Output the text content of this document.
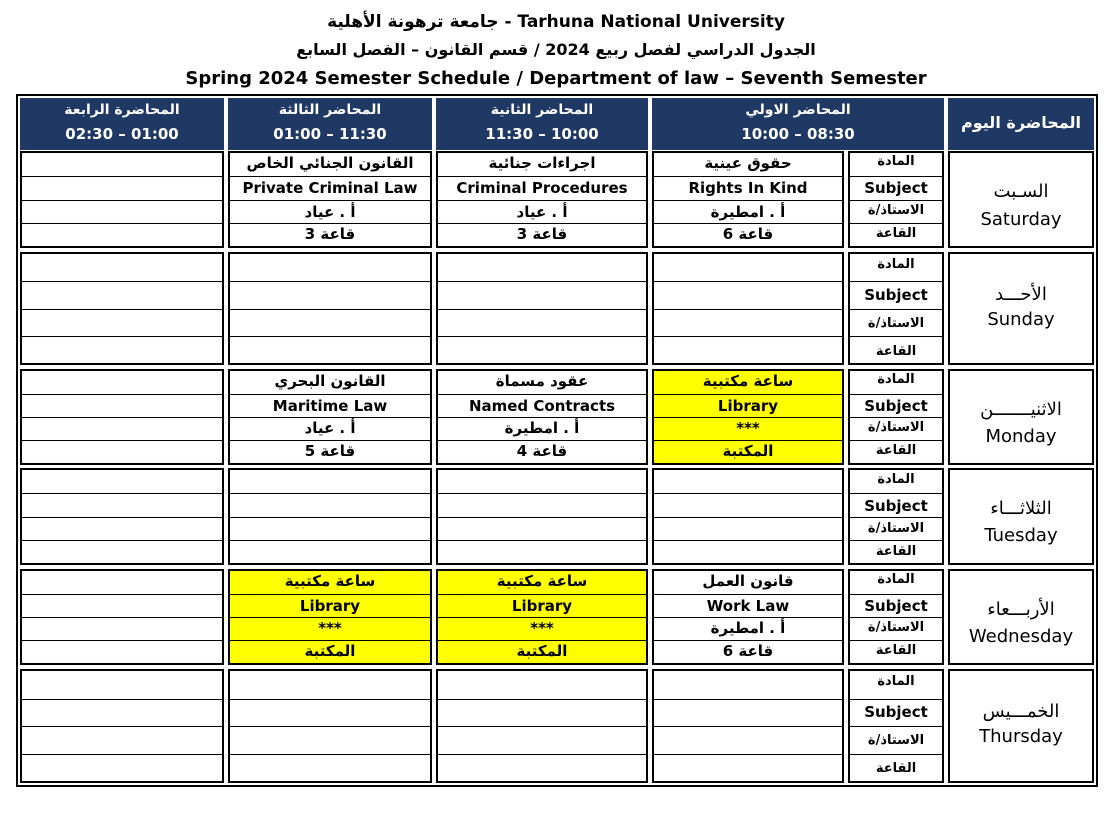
جامعة ترهونة الأهلية - Tarhuna National University
الجدول الدراسي لفصل ربيع 2024 / قسم القانون – الفصل السابع
Spring 2024 Semester Schedule / Department of law – Seventh Semester
المحاضرة الرابعة
02:30 – 01:00
المحاضر الثالثة
01:00 – 11:30
المحاضر الثانية
11:30 – 10:00
المحاضر الاولي
10:00 – 08:30
المحاضرة اليوم
السـبت
Saturday
المادة
Subject
الاستاذ/ة
القاعة
حقوق عينية
Rights In Kind
أ . امطيرة
قاعة 6
اجراءات جنائية
Criminal Procedures
أ . عياد
قاعة 3
القانون الجنائي الخاص
Private Criminal Law
أ . عياد
قاعة 3
الأحـــد
Sunday
المادة
Subject
الاستاذ/ة
القاعة
الاثنيـــــــن
Monday
المادة
Subject
الاستاذ/ة
القاعة
ساعة مكتبية
Library
***
المكتبة
عقود مسماة
Named Contracts
أ . امطيرة
قاعة 4
القانون البحري
Maritime Law
أ . عياد
قاعة 5
الثلاثـــاء
Tuesday
المادة
Subject
الاستاذ/ة
القاعة
الأربـــعاء
Wednesday
المادة
Subject
الاستاذ/ة
القاعة
قانون العمل
Work Law
أ . امطيرة
قاعة 6
ساعة مكتبية
Library
***
المكتبة
ساعة مكتبية
Library
***
المكتبة
الخمـــيس
Thursday
المادة
Subject
الاستاذ/ة
القاعة
